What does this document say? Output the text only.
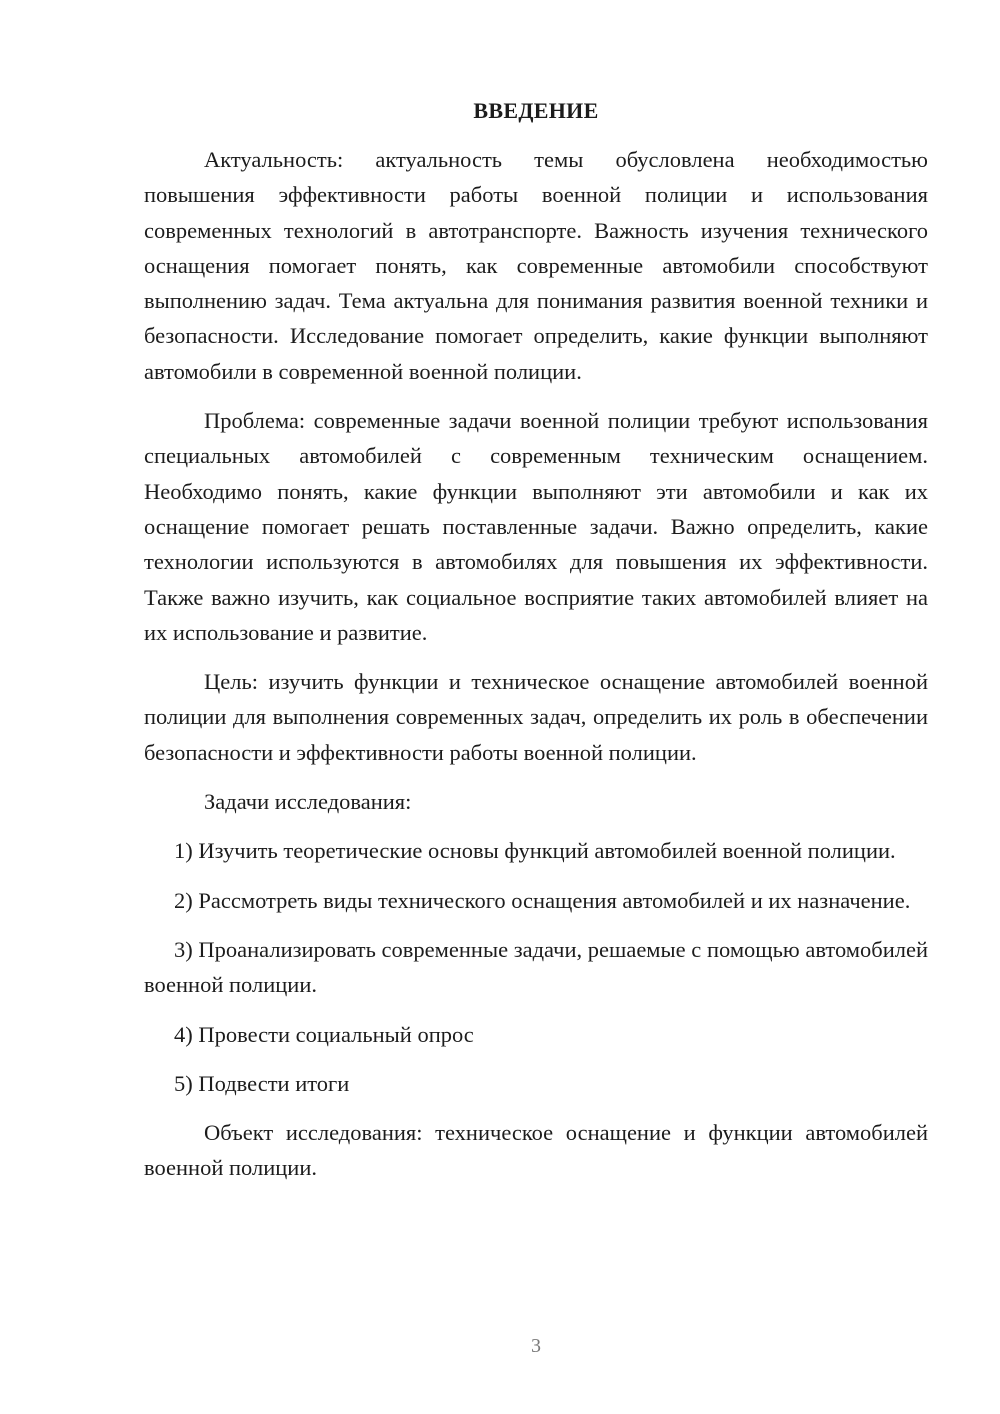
ВВЕДЕНИЕ

Актуальность: актуальность темы обусловлена необходимостью повышения эффективности работы военной полиции и использования современных технологий в автотранспорте. Важность изучения технического оснащения помогает понять, как современные автомобили способствуют выполнению задач. Тема актуальна для понимания развития военной техники и безопасности. Исследование помогает определить, какие функции выполняют автомобили в современной военной полиции.

Проблема: современные задачи военной полиции требуют использования специальных автомобилей с современным техническим оснащением. Необходимо понять, какие функции выполняют эти автомобили и как их оснащение помогает решать поставленные задачи. Важно определить, какие технологии используются в автомобилях для повышения их эффективности. Также важно изучить, как социальное восприятие таких автомобилей влияет на их использование и развитие.

Цель: изучить функции и техническое оснащение автомобилей военной полиции для выполнения современных задач, определить их роль в обеспечении безопасности и эффективности работы военной полиции.

Задачи исследования:

1) Изучить теоретические основы функций автомобилей военной полиции.

2) Рассмотреть виды технического оснащения автомобилей и их назначение.

3) Проанализировать современные задачи, решаемые с помощью автомобилей военной полиции.

4) Провести социальный опрос

5) Подвести итоги

Объект исследования: техническое оснащение и функции автомобилей военной полиции.

3
